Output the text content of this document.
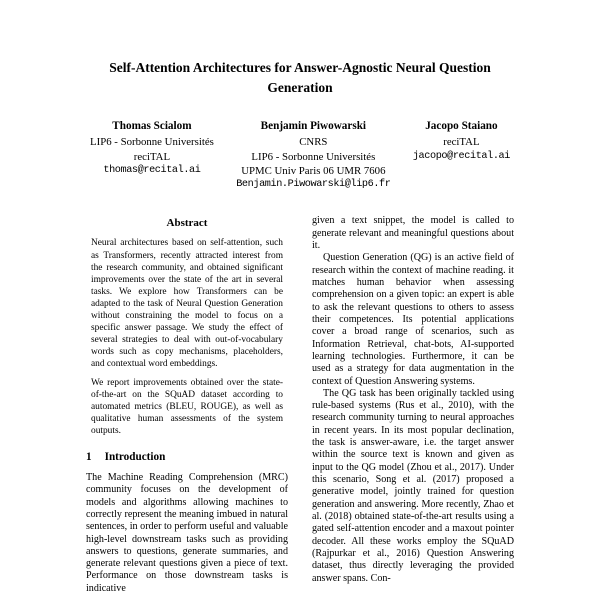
Self-Attention Architectures for Answer-Agnostic Neural Question Generation
Thomas Scialom
LIP6 - Sorbonne Universités
reciTAL
thomas@recital.ai
Benjamin Piwowarski
CNRS
LIP6 - Sorbonne Universités
UPMC Univ Paris 06 UMR 7606
Benjamin.Piwowarski@lip6.fr
Jacopo Staiano
reciTAL
jacopo@recital.ai
Abstract

Neural architectures based on self-attention, such as Transformers, recently attracted interest from the research community, and obtained significant improvements over the state of the art in several tasks. We explore how Transformers can be adapted to the task of Neural Question Generation without constraining the model to focus on a specific answer passage. We study the effect of several strategies to deal with out-of-vocabulary words such as copy mechanisms, placeholders, and contextual word embeddings.

We report improvements obtained over the state-of-the-art on the SQuAD dataset according to automated metrics (BLEU, ROUGE), as well as qualitative human assessments of the system outputs.

1 Introduction

The Machine Reading Comprehension (MRC) community focuses on the development of models and algorithms allowing machines to correctly represent the meaning imbued in natural sentences, in order to perform useful and valuable high-level downstream tasks such as providing answers to questions, generate summaries, and generate relevant questions given a piece of text. Performance on those downstream tasks is indicative

given a text snippet, the model is called to generate relevant and meaningful questions about it.

Question Generation (QG) is an active field of research within the context of machine reading. it matches human behavior when assessing comprehension on a given topic: an expert is able to ask the relevant questions to others to assess their competences. Its potential applications cover a broad range of scenarios, such as Information Retrieval, chat-bots, AI-supported learning technologies. Furthermore, it can be used as a strategy for data augmentation in the context of Question Answering systems.

The QG task has been originally tackled using rule-based systems (Rus et al., 2010), with the research community turning to neural approaches in recent years. In its most popular declination, the task is answer-aware, i.e. the target answer within the source text is known and given as input to the QG model (Zhou et al., 2017). Under this scenario, Song et al. (2017) proposed a generative model, jointly trained for question generation and answering. More recently, Zhao et al. (2018) obtained state-of-the-art results using a gated self-attention encoder and a maxout pointer decoder. All these works employ the SQuAD (Rajpurkar et al., 2016) Question Answering dataset, thus directly leveraging the provided answer spans. Con-
